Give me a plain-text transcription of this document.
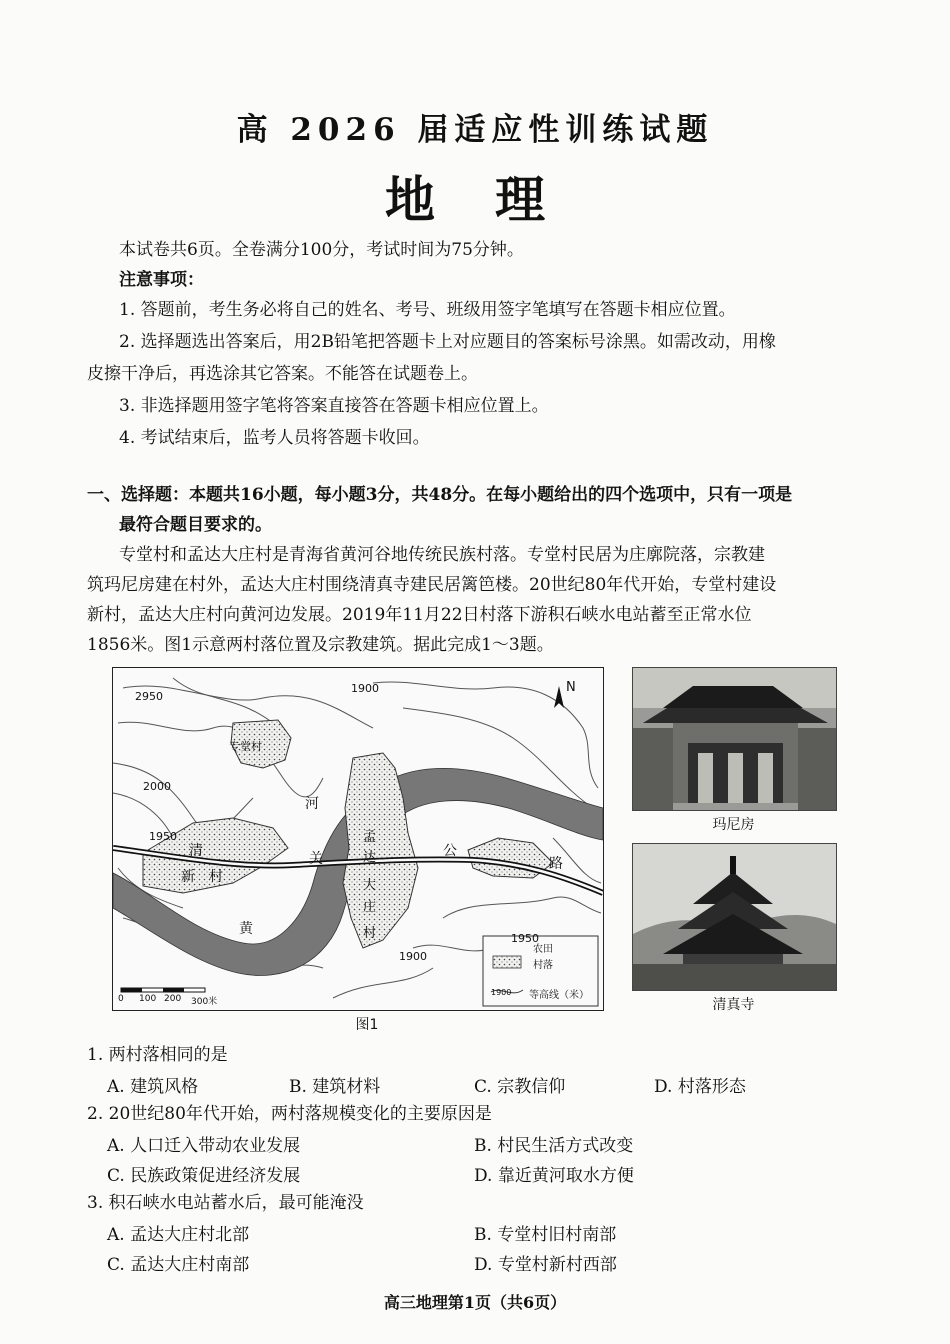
高 2026 届适应性训练试题
地理
本试卷共6页。全卷满分100分，考试时间为75分钟。
注意事项：
1. 答题前，考生务必将自己的姓名、考号、班级用签字笔填写在答题卡相应位置。
2. 选择题选出答案后，用2B铅笔把答题卡上对应题目的答案标号涂黑。如需改动，用橡
皮擦干净后，再选涂其它答案。不能答在试题卷上。
3. 非选择题用签字笔将答案直接答在答题卡相应位置上。
4. 考试结束后，监考人员将答题卡收回。
一、选择题：本题共16小题，每小题3分，共48分。在每小题给出的四个选项中，只有一项是
最符合题目要求的。
专堂村和孟达大庄村是青海省黄河谷地传统民族村落。专堂村民居为庄廓院落，宗教建
筑玛尼房建在村外，孟达大庄村围绕清真寺建民居篱笆楼。20世纪80年代开始，专堂村建设
新村，孟达大庄村向黄河边发展。2019年11月22日村落下游积石峡水电站蓄至正常水位
1856米。图1示意两村落位置及宗教建筑。据此完成1～3题。
N
2950
1900
2000
1950
1950
1900
专堂村
清
新 村
黄
河
关	公
路
孟
达
大
庄
村
农田
村落
1900 等高线（米）
0 100 200 300米
玛尼房
清真寺
图1
1. 两村落相同的是
A. 建筑风格	B. 建筑材料	C. 宗教信仰	D. 村落形态
2. 20世纪80年代开始，两村落规模变化的主要原因是
A. 人口迁入带动农业发展	B. 村民生活方式改变
C. 民族政策促进经济发展	D. 靠近黄河取水方便
3. 积石峡水电站蓄水后，最可能淹没
A. 孟达大庄村北部	B. 专堂村旧村南部
C. 孟达大庄村南部	D. 专堂村新村西部
高三地理第1页（共6页）
